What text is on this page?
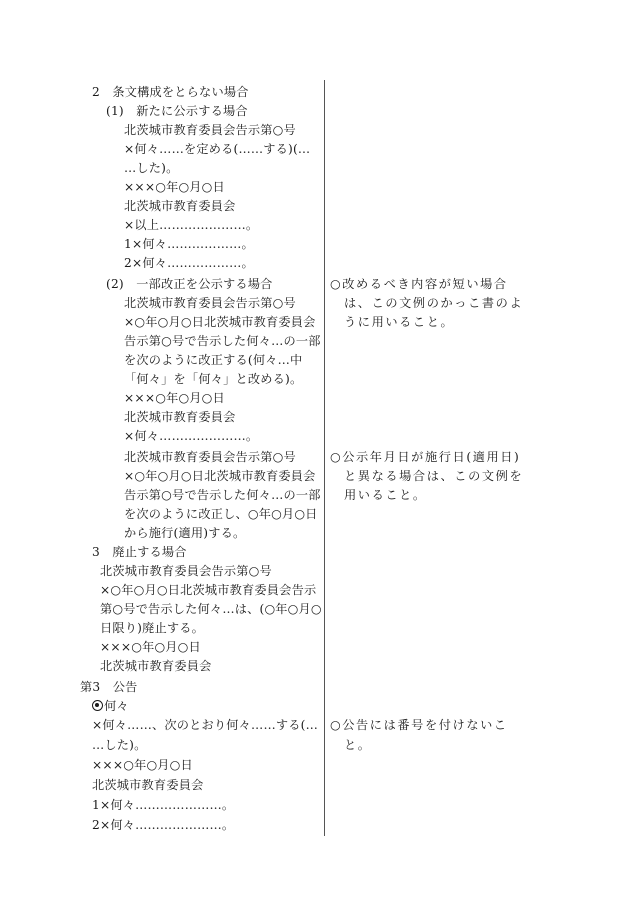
2　条文構成をとらない場合
(1)　新たに公示する場合
北茨城市教育委員会告示第○号
×何々……を定める(……する)(…
…した)。
×××○年○月○日
北茨城市教育委員会
×以上…………………。
1×何々………………。
2×何々………………。
(2)　一部改正を公示する場合
北茨城市教育委員会告示第○号
×○年○月○日北茨城市教育委員会
告示第○号で告示した何々…の一部
を次のように改正する(何々…中
「何々」を「何々」と改める)。
×××○年○月○日
北茨城市教育委員会
×何々…………………。
北茨城市教育委員会告示第○号
×○年○月○日北茨城市教育委員会
告示第○号で告示した何々…の一部
を次のように改正し、○年○月○日
から施行(適用)する。
3　廃止する場合
北茨城市教育委員会告示第○号
×○年○月○日北茨城市教育委員会告示
第○号で告示した何々…は、(○年○月○
日限り)廃止する。
×××○年○月○日
北茨城市教育委員会
第3　公告
何々
×何々……、次のとおり何々……する(…
…した)。
×××○年○月○日
北茨城市教育委員会
1×何々…………………。
2×何々…………………。
○改めるべき内容が短い場合
は、この文例のかっこ書のよ
うに用いること。
○公示年月日が施行日(適用日)
と異なる場合は、この文例を
用いること。
○公告には番号を付けないこ
と。
